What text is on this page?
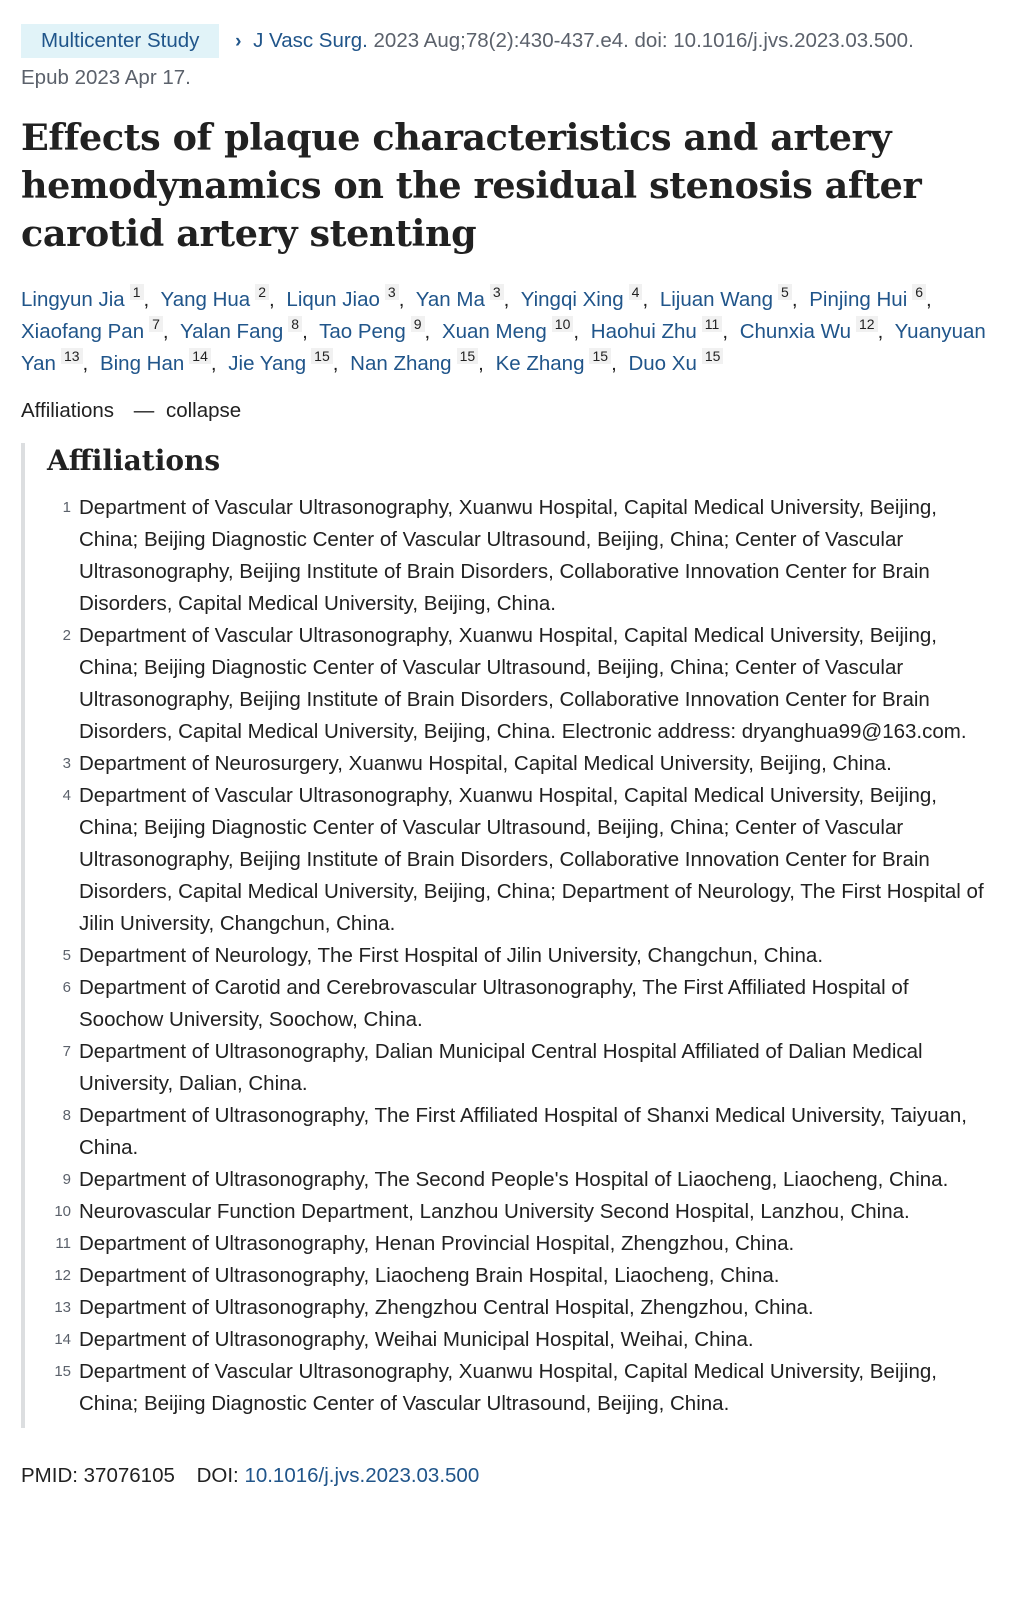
Multicenter Study › J Vasc Surg. 2023 Aug;78(2):430-437.e4. doi: 10.1016/j.jvs.2023.03.500.
Epub 2023 Apr 17.
Effects of plaque characteristics and artery hemodynamics on the residual stenosis after carotid artery stenting
Lingyun Jia 1 , Yang Hua 2 , Liqun Jiao 3 , Yan Ma 3 , Yingqi Xing 4 , Lijuan Wang 5 , Pinjing Hui 6 , Xiaofang Pan 7 , Yalan Fang 8 , Tao Peng 9 , Xuan Meng 10 , Haohui Zhu 11 , Chunxia Wu 12 , Yuanyuan Yan 13 , Bing Han 14 , Jie Yang 15 , Nan Zhang 15 , Ke Zhang 15 , Duo Xu 15
Affiliations — collapse
Affiliations
1 Department of Vascular Ultrasonography, Xuanwu Hospital, Capital Medical University, Beijing, China; Beijing Diagnostic Center of Vascular Ultrasound, Beijing, China; Center of Vascular Ultrasonography, Beijing Institute of Brain Disorders, Collaborative Innovation Center for Brain Disorders, Capital Medical University, Beijing, China.
2 Department of Vascular Ultrasonography, Xuanwu Hospital, Capital Medical University, Beijing, China; Beijing Diagnostic Center of Vascular Ultrasound, Beijing, China; Center of Vascular Ultrasonography, Beijing Institute of Brain Disorders, Collaborative Innovation Center for Brain Disorders, Capital Medical University, Beijing, China. Electronic address: dryanghua99@163.com.
3 Department of Neurosurgery, Xuanwu Hospital, Capital Medical University, Beijing, China.
4 Department of Vascular Ultrasonography, Xuanwu Hospital, Capital Medical University, Beijing, China; Beijing Diagnostic Center of Vascular Ultrasound, Beijing, China; Center of Vascular Ultrasonography, Beijing Institute of Brain Disorders, Collaborative Innovation Center for Brain Disorders, Capital Medical University, Beijing, China; Department of Neurology, The First Hospital of Jilin University, Changchun, China.
5 Department of Neurology, The First Hospital of Jilin University, Changchun, China.
6 Department of Carotid and Cerebrovascular Ultrasonography, The First Affiliated Hospital of Soochow University, Soochow, China.
7 Department of Ultrasonography, Dalian Municipal Central Hospital Affiliated of Dalian Medical University, Dalian, China.
8 Department of Ultrasonography, The First Affiliated Hospital of Shanxi Medical University, Taiyuan, China.
9 Department of Ultrasonography, The Second People's Hospital of Liaocheng, Liaocheng, China.
10 Neurovascular Function Department, Lanzhou University Second Hospital, Lanzhou, China.
11 Department of Ultrasonography, Henan Provincial Hospital, Zhengzhou, China.
12 Department of Ultrasonography, Liaocheng Brain Hospital, Liaocheng, China.
13 Department of Ultrasonography, Zhengzhou Central Hospital, Zhengzhou, China.
14 Department of Ultrasonography, Weihai Municipal Hospital, Weihai, China.
15 Department of Vascular Ultrasonography, Xuanwu Hospital, Capital Medical University, Beijing, China; Beijing Diagnostic Center of Vascular Ultrasound, Beijing, China.
PMID: 37076105 DOI: 10.1016/j.jvs.2023.03.500
